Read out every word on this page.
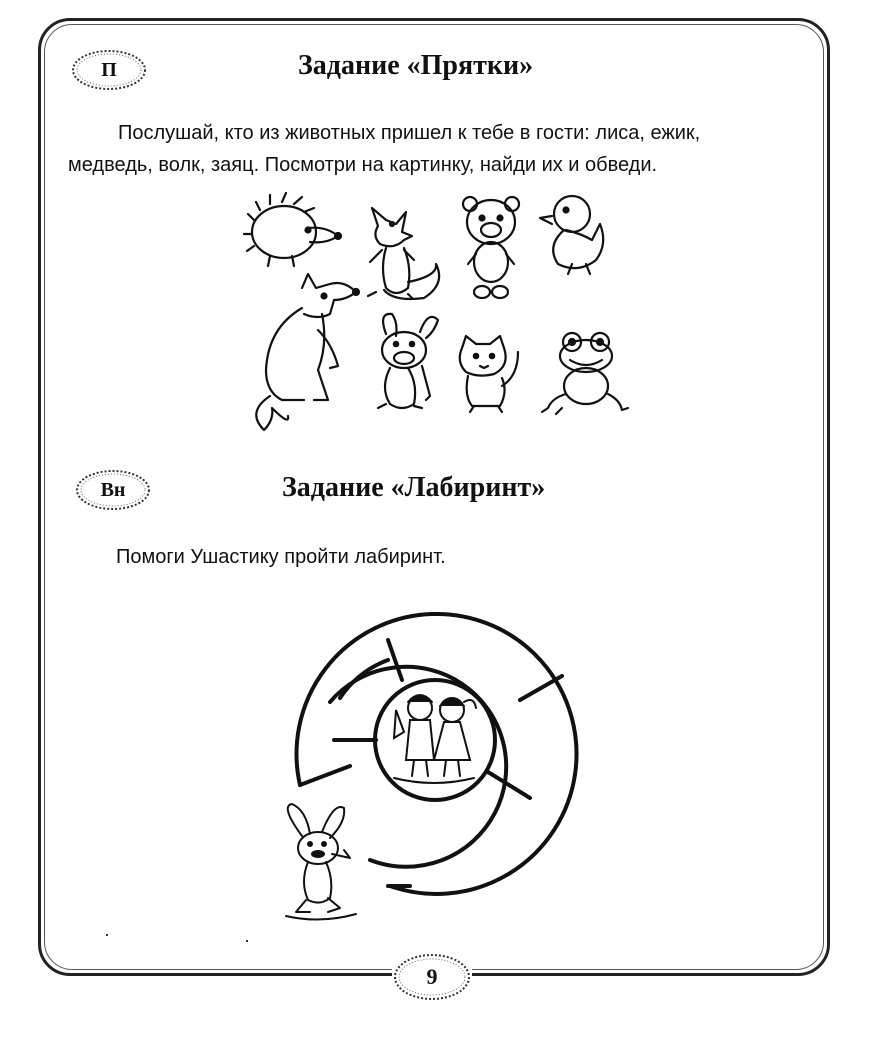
П	Задание «Прятки»
Послушай, кто из животных пришел к тебе в гости: лиса, ежик,
медведь, волк, заяц. Посмотри на картинку, найди их и обведи.
Вн	Задание «Лабиринт»
Помоги Ушастику пройти лабиринт.
9
